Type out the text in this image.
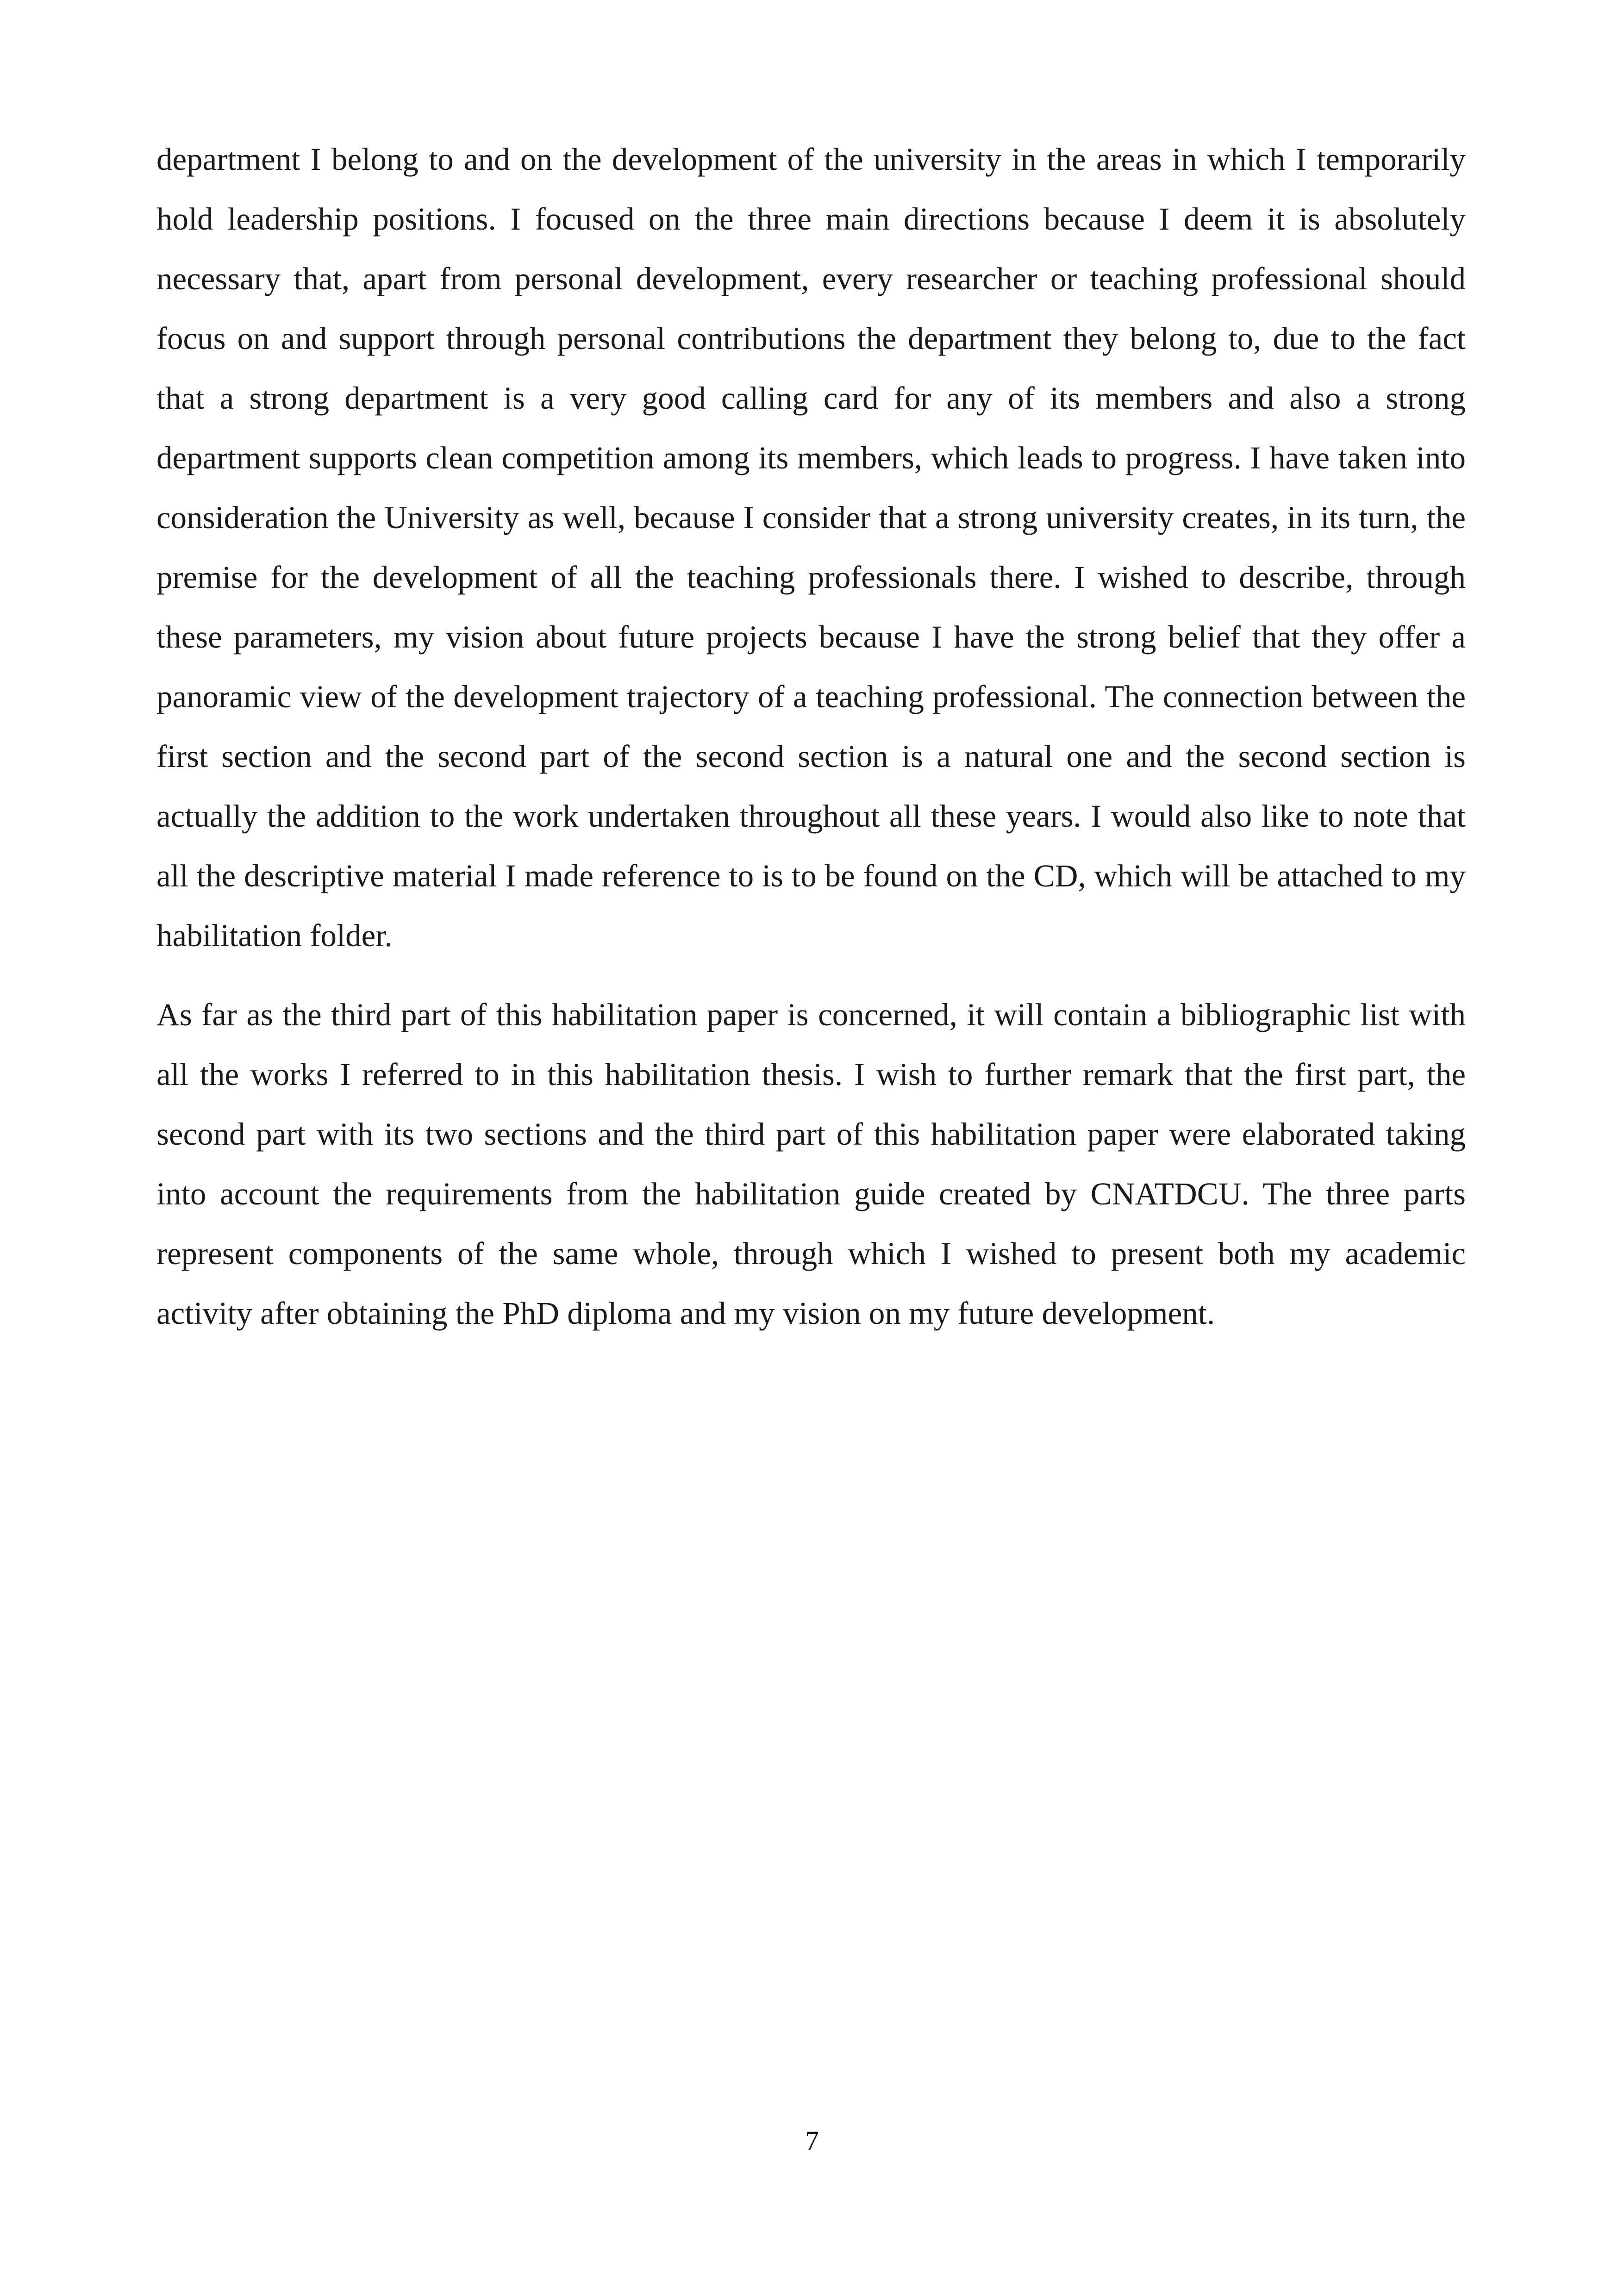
department I belong to and on the development of the university in the areas in which I temporarily hold leadership positions. I focused on the three main directions because I deem it is absolutely necessary that, apart from personal development, every researcher or teaching professional should focus on and support through personal contributions the department they belong to, due to the fact that a strong department is a very good calling card for any of its members and also a strong department supports clean competition among its members, which leads to progress. I have taken into consideration the University as well, because I consider that a strong university creates, in its turn, the premise for the development of all the teaching professionals there. I wished to describe, through these parameters, my vision about future projects because I have the strong belief that they offer a panoramic view of the development trajectory of a teaching professional. The connection between the first section and the second part of the second section is a natural one and the second section is actually the addition to the work undertaken throughout all these years. I would also like to note that all the descriptive material I made reference to is to be found on the CD, which will be attached to my habilitation folder.

As far as the third part of this habilitation paper is concerned, it will contain a bibliographic list with all the works I referred to in this habilitation thesis. I wish to further remark that the first part, the second part with its two sections and the third part of this habilitation paper were elaborated taking into account the requirements from the habilitation guide created by CNATDCU. The three parts represent components of the same whole, through which I wished to present both my academic activity after obtaining the PhD diploma and my vision on my future development.

7
